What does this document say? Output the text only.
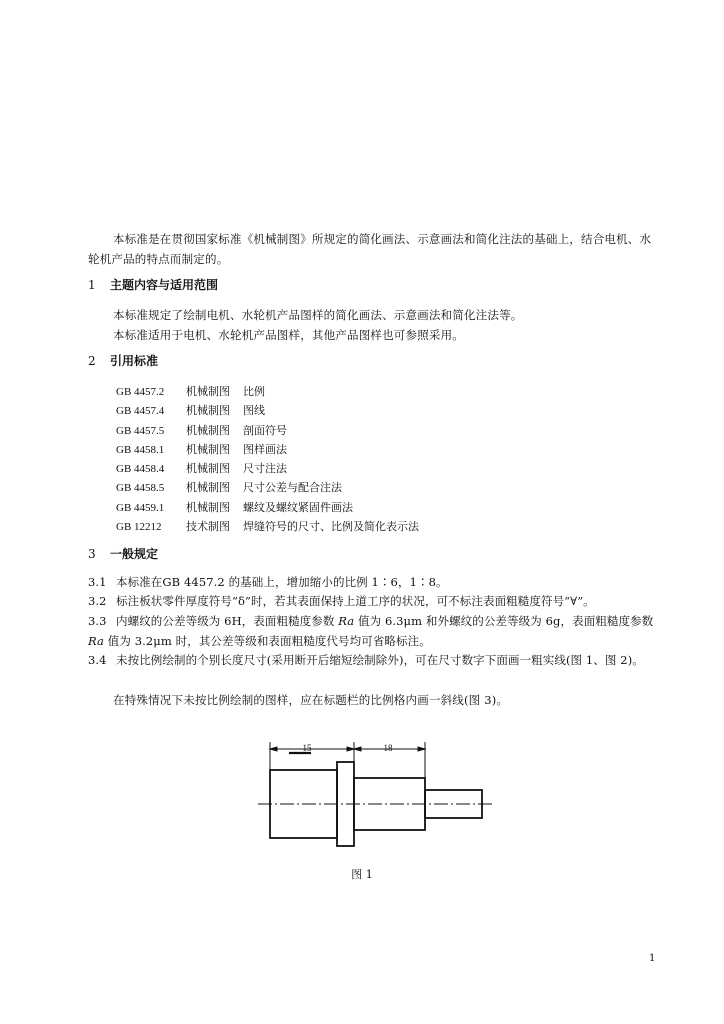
本标准是在贯彻国家标准《机械制图》所规定的简化画法、示意画法和简化注法的基础上，结合电机、水轮机产品的特点而制定的。

1 主题内容与适用范围

本标准规定了绘制电机、水轮机产品图样的简化画法、示意画法和简化注法等。

本标准适用于电机、水轮机产品图样，其他产品图样也可参照采用。

2 引用标准

GB 4457.2 机械制图 比例
GB 4457.4 机械制图 图线
GB 4457.5 机械制图 剖面符号
GB 4458.1 机械制图 图样画法
GB 4458.4 机械制图 尺寸注法
GB 4458.5 机械制图 尺寸公差与配合注法
GB 4459.1 机械制图 螺纹及螺纹紧固件画法
GB 12212 技术制图 焊缝符号的尺寸、比例及简化表示法

3 一般规定

3.1 本标准在GB 4457.2 的基础上，增加缩小的比例 1∶6，1∶8。

3.2 标注板状零件厚度符号“δ”时，若其表面保持上道工序的状况，可不标注表面粗糙度符号“∀”。

3.3 内螺纹的公差等级为 6H，表面粗糙度参数 Ra 值为 6.3μm 和外螺纹的公差等级为 6g，表面粗糙度参数 Ra 值为 3.2μm 时，其公差等级和表面粗糙度代号均可省略标注。

3.4 未按比例绘制的个别长度尺寸(采用断开后缩短绘制除外)，可在尺寸数字下面画一粗实线(图 1、图 2)。

在特殊情况下未按比例绘制的图样，应在标题栏的比例格内画一斜线(图 3)。

15	18
图 1
1
